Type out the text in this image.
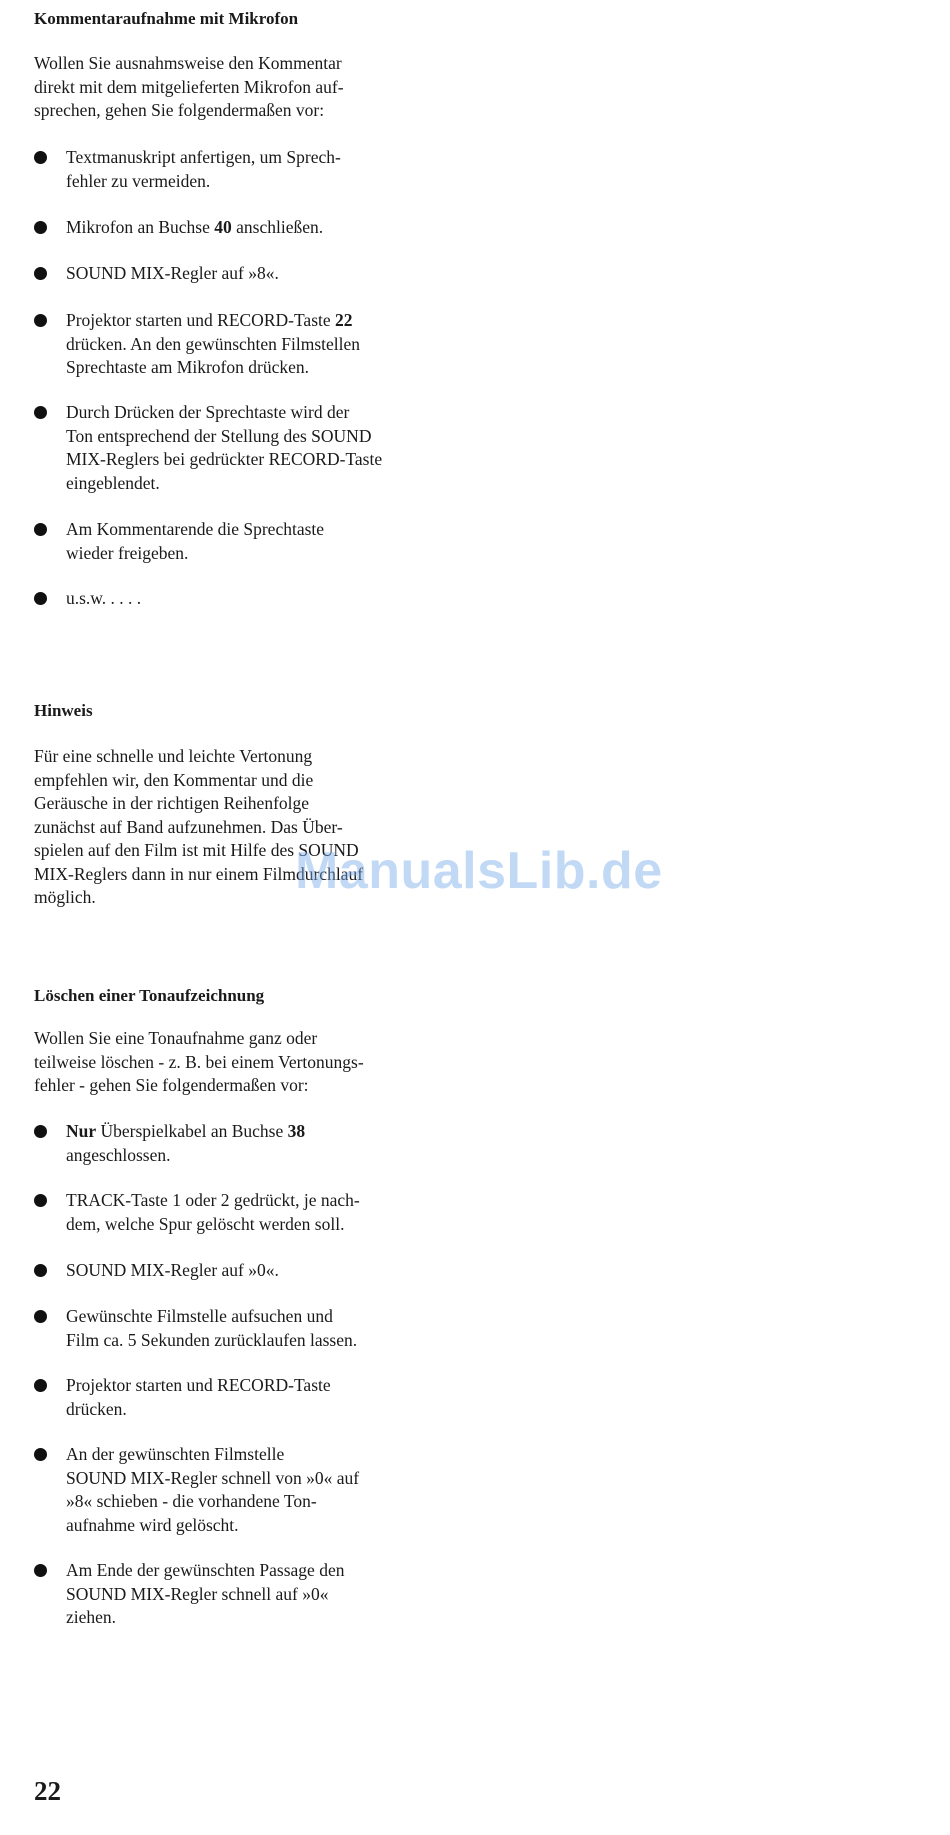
Kommentaraufnahme mit Mikrofon

Wollen Sie ausnahmsweise den Kommentar
direkt mit dem mitgelieferten Mikrofon auf-
sprechen, gehen Sie folgendermaßen vor:

Textmanuskript anfertigen, um Sprech-
fehler zu vermeiden.
Mikrofon an Buchse 40 anschließen.
SOUND MIX-Regler auf »8«.
Projektor starten und RECORD-Taste 22
drücken. An den gewünschten Filmstellen
Sprechtaste am Mikrofon drücken.
Durch Drücken der Sprechtaste wird der
Ton entsprechend der Stellung des SOUND
MIX-Reglers bei gedrückter RECORD-Taste
eingeblendet.
Am Kommentarende die Sprechtaste
wieder freigeben.
u.s.w. . . . .
Hinweis

Für eine schnelle und leichte Vertonung
empfehlen wir, den Kommentar und die
Geräusche in der richtigen Reihenfolge
zunächst auf Band aufzunehmen. Das Über-
spielen auf den Film ist mit Hilfe des SOUND
MIX-Reglers dann in nur einem Filmdurchlauf
möglich.

Löschen einer Tonaufzeichnung

Wollen Sie eine Tonaufnahme ganz oder
teilweise löschen - z. B. bei einem Vertonungs-
fehler - gehen Sie folgendermaßen vor:

Nur Überspielkabel an Buchse 38
angeschlossen.
TRACK-Taste 1 oder 2 gedrückt, je nach-
dem, welche Spur gelöscht werden soll.
SOUND MIX-Regler auf »0«.
Gewünschte Filmstelle aufsuchen und
Film ca. 5 Sekunden zurücklaufen lassen.
Projektor starten und RECORD-Taste
drücken.
An der gewünschten Filmstelle
SOUND MIX-Regler schnell von »0« auf
»8« schieben - die vorhandene Ton-
aufnahme wird gelöscht.
Am Ende der gewünschten Passage den
SOUND MIX-Regler schnell auf »0«
ziehen.
ManualsLib.de
22
